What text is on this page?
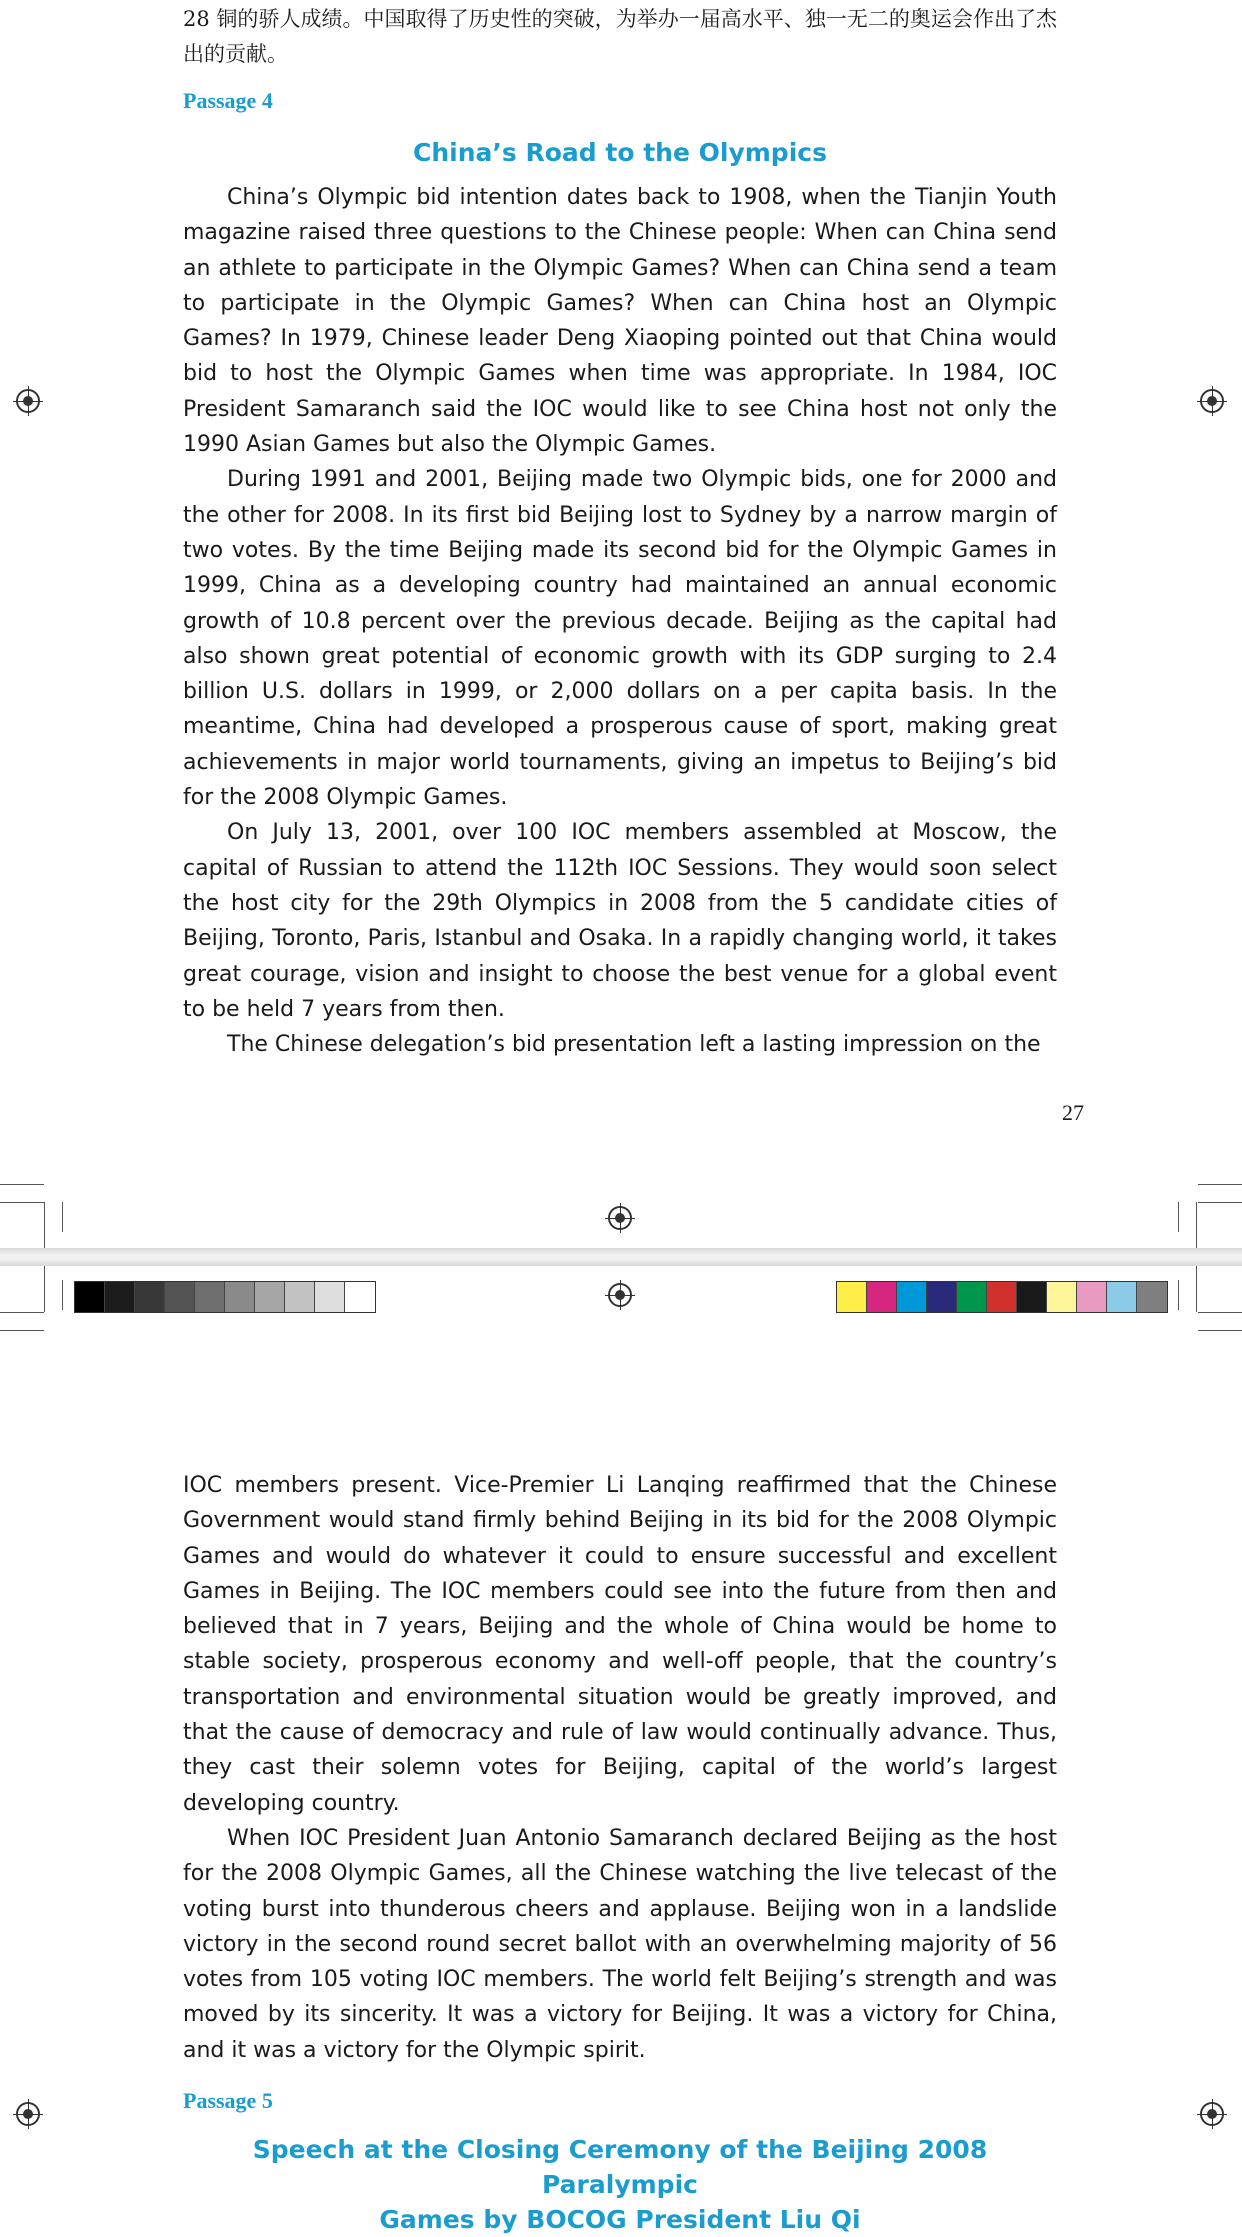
28 铜的骄人成绩。中国取得了历史性的突破，为举办一届高水平、独一无二的奥运会作出了杰出的贡献。
Passage 4
China’s Road to the Olympics

China’s Olympic bid intention dates back to 1908, when the Tianjin Youth magazine raised three questions to the Chinese people: When can China send an athlete to participate in the Olympic Games? When can China send a team to participate in the Olympic Games? When can China host an Olympic Games? In 1979, Chinese leader Deng Xiaoping pointed out that China would bid to host the Olympic Games when time was appropriate. In 1984, IOC President Samaranch said the IOC would like to see China host not only the 1990 Asian Games but also the Olympic Games.

During 1991 and 2001, Beijing made two Olympic bids, one for 2000 and the other for 2008. In its first bid Beijing lost to Sydney by a narrow margin of two votes. By the time Beijing made its second bid for the Olympic Games in 1999, China as a developing country had maintained an annual economic growth of 10.8 percent over the previous decade. Beijing as the capital had also shown great potential of economic growth with its GDP surging to 2.4 billion U.S. dollars in 1999, or 2,000 dollars on a per capita basis. In the meantime, China had developed a prosperous cause of sport, making great achievements in major world tournaments, giving an impetus to Beijing’s bid for the 2008 Olympic Games.

On July 13, 2001, over 100 IOC members assembled at Moscow, the capital of Russian to attend the 112th IOC Sessions. They would soon select the host city for the 29th Olympics in 2008 from the 5 candidate cities of Beijing, Toronto, Paris, Istanbul and Osaka. In a rapidly changing world, it takes great courage, vision and insight to choose the best venue for a global event to be held 7 years from then.

The Chinese delegation’s bid presentation left a lasting impression on the

27

IOC members present. Vice-Premier Li Lanqing reaffirmed that the Chinese Government would stand firmly behind Beijing in its bid for the 2008 Olympic Games and would do whatever it could to ensure successful and excellent Games in Beijing. The IOC members could see into the future from then and believed that in 7 years, Beijing and the whole of China would be home to stable society, prosperous economy and well-off people, that the country’s transportation and environmental situation would be greatly improved, and that the cause of democracy and rule of law would continually advance. Thus, they cast their solemn votes for Beijing, capital of the world’s largest developing country.

When IOC President Juan Antonio Samaranch declared Beijing as the host for the 2008 Olympic Games, all the Chinese watching the live telecast of the voting burst into thunderous cheers and applause. Beijing won in a landslide victory in the second round secret ballot with an overwhelming majority of 56 votes from 105 voting IOC members. The world felt Beijing’s strength and was moved by its sincerity. It was a victory for Beijing. It was a victory for China, and it was a victory for the Olympic spirit.

Passage 5
Speech at the Closing Ceremony of the Beijing 2008 Paralympic
Games by BOCOG President Liu Qi
